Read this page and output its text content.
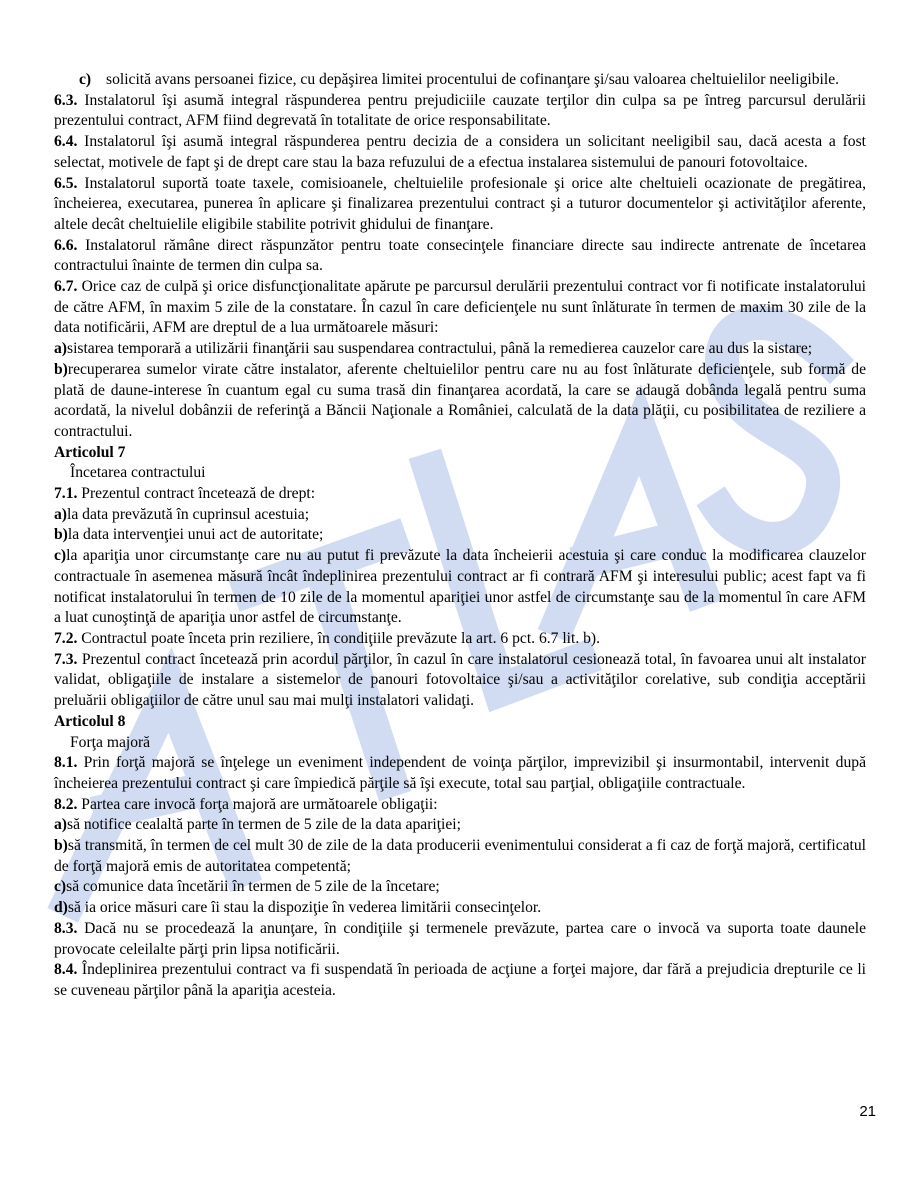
c) solicită avans persoanei fizice, cu depăşirea limitei procentului de cofinanţare şi/sau valoarea cheltuielilor neeligibile.

6.3. Instalatorul îşi asumă integral răspunderea pentru prejudiciile cauzate terţilor din culpa sa pe întreg parcursul derulării prezentului contract, AFM fiind degrevată în totalitate de orice responsabilitate.

6.4. Instalatorul îşi asumă integral răspunderea pentru decizia de a considera un solicitant neeligibil sau, dacă acesta a fost selectat, motivele de fapt şi de drept care stau la baza refuzului de a efectua instalarea sistemului de panouri fotovoltaice.

6.5. Instalatorul suportă toate taxele, comisioanele, cheltuielile profesionale şi orice alte cheltuieli ocazionate de pregătirea, încheierea, executarea, punerea în aplicare şi finalizarea prezentului contract şi a tuturor documentelor şi activităţilor aferente, altele decât cheltuielile eligibile stabilite potrivit ghidului de finanţare.

6.6. Instalatorul rămâne direct răspunzător pentru toate consecinţele financiare directe sau indirecte antrenate de încetarea contractului înainte de termen din culpa sa.

6.7. Orice caz de culpă şi orice disfuncţionalitate apărute pe parcursul derulării prezentului contract vor fi notificate instalatorului de către AFM, în maxim 5 zile de la constatare. În cazul în care deficienţele nu sunt înlăturate în termen de maxim 30 zile de la data notificării, AFM are dreptul de a lua următoarele măsuri:

a)sistarea temporară a utilizării finanţării sau suspendarea contractului, până la remedierea cauzelor care au dus la sistare;

b)recuperarea sumelor virate către instalator, aferente cheltuielilor pentru care nu au fost înlăturate deficienţele, sub formă de plată de daune-interese în cuantum egal cu suma trasă din finanţarea acordată, la care se adaugă dobânda legală pentru suma acordată, la nivelul dobânzii de referinţă a Băncii Naţionale a României, calculată de la data plăţii, cu posibilitatea de reziliere a contractului.

Articolul 7

Încetarea contractului

7.1. Prezentul contract încetează de drept:

a)la data prevăzută în cuprinsul acestuia;

b)la data intervenţiei unui act de autoritate;

c)la apariţia unor circumstanţe care nu au putut fi prevăzute la data încheierii acestuia şi care conduc la modificarea clauzelor contractuale în asemenea măsură încât îndeplinirea prezentului contract ar fi contrară AFM şi interesului public; acest fapt va fi notificat instalatorului în termen de 10 zile de la momentul apariţiei unor astfel de circumstanţe sau de la momentul în care AFM a luat cunoştinţă de apariţia unor astfel de circumstanţe.

7.2. Contractul poate înceta prin reziliere, în condiţiile prevăzute la art. 6 pct. 6.7 lit. b).

7.3. Prezentul contract încetează prin acordul părţilor, în cazul în care instalatorul cesionează total, în favoarea unui alt instalator validat, obligaţiile de instalare a sistemelor de panouri fotovoltaice şi/sau a activităţilor corelative, sub condiţia acceptării preluării obligaţiilor de către unul sau mai mulţi instalatori validaţi.

Articolul 8

Forţa majoră

8.1. Prin forţă majoră se înţelege un eveniment independent de voinţa părţilor, imprevizibil şi insurmontabil, intervenit după încheierea prezentului contract şi care împiedică părţile să îşi execute, total sau parţial, obligaţiile contractuale.

8.2. Partea care invocă forţa majoră are următoarele obligaţii:

a)să notifice cealaltă parte în termen de 5 zile de la data apariţiei;

b)să transmită, în termen de cel mult 30 de zile de la data producerii evenimentului considerat a fi caz de forţă majoră, certificatul de forţă majoră emis de autoritatea competentă;

c)să comunice data încetării în termen de 5 zile de la încetare;

d)să ia orice măsuri care îi stau la dispoziţie în vederea limitării consecinţelor.

8.3. Dacă nu se procedează la anunţare, în condiţiile şi termenele prevăzute, partea care o invocă va suporta toate daunele provocate celeilalte părţi prin lipsa notificării.

8.4. Îndeplinirea prezentului contract va fi suspendată în perioada de acţiune a forţei majore, dar fără a prejudicia drepturile ce li se cuveneau părţilor până la apariţia acesteia.

21
